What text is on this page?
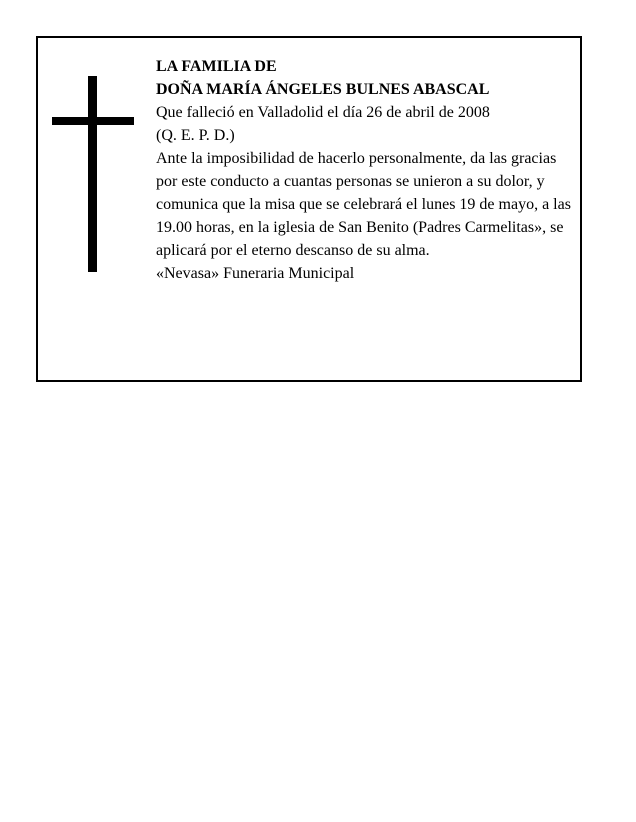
LA FAMILIA DE
DOÑA MARÍA ÁNGELES BULNES ABASCAL
Que falleció en Valladolid el día 26 de abril de 2008
(Q. E. P. D.)
Ante la imposibilidad de hacerlo personalmente, da las gracias por este conducto a cuantas personas se unieron a su dolor, y comunica que la misa que se celebrará el lunes 19 de mayo, a las 19.00 horas, en la iglesia de San Benito (Padres Carmelitas», se aplicará por el eterno descanso de su alma.
«Nevasa» Funeraria Municipal
